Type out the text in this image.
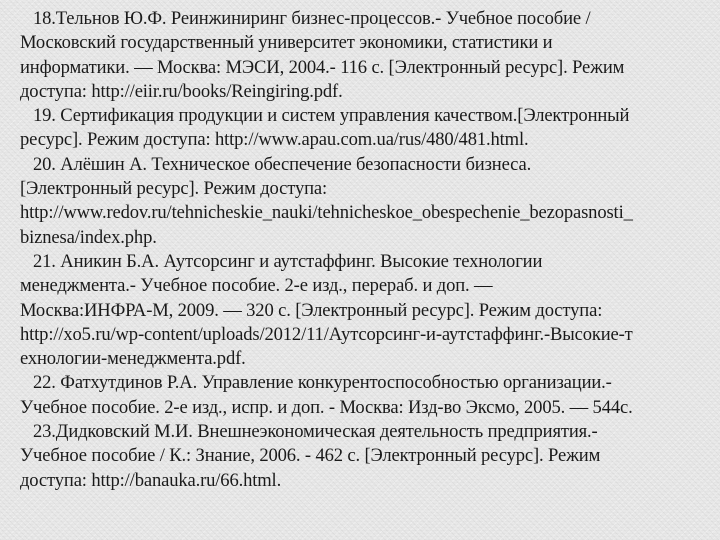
18.Тельнов Ю.Ф. Реинжиниринг бизнес-процессов.- Учебное пособие /
Московский государственный университет экономики, статистики и
информатики. — Москва: МЭСИ, 2004.- 116 с. [Электронный ресурс]. Режим
доступа: http://eiir.ru/books/Reingiring.pdf.
19. Сертификация продукции и систем управления качеством.[Электронный
ресурс]. Режим доступа: http://www.apau.com.ua/rus/480/481.html.
20. Алёшин А. Техническое обеспечение безопасности бизнеса.
[Электронный ресурс]. Режим доступа:
http://www.redov.ru/tehnicheskie_nauki/tehnicheskoe_obespechenie_bezopasnosti_
biznesa/index.php.
21. Аникин Б.А. Аутсорсинг и аутстаффинг. Высокие технологии
менеджмента.- Учебное пособие. 2-е изд., перераб. и доп. —
Москва:ИНФРА-М, 2009. — 320 с. [Электронный ресурс]. Режим доступа:
http://xo5.ru/wp-content/uploads/2012/11/Аутсорсинг-и-аутстаффинг.-Высокие-т
ехнологии-менеджмента.pdf.
22. Фатхутдинов Р.А. Управление конкурентоспособностью организации.-
Учебное пособие. 2-е изд., испр. и доп. - Москва: Изд-во Эксмо, 2005. — 544с.
23.Дидковский М.И. Внешнеэкономическая деятельность предприятия.-
Учебное пособие / К.: Знание, 2006. - 462 с. [Электронный ресурс]. Режим
доступа: http://banauka.ru/66.html.
